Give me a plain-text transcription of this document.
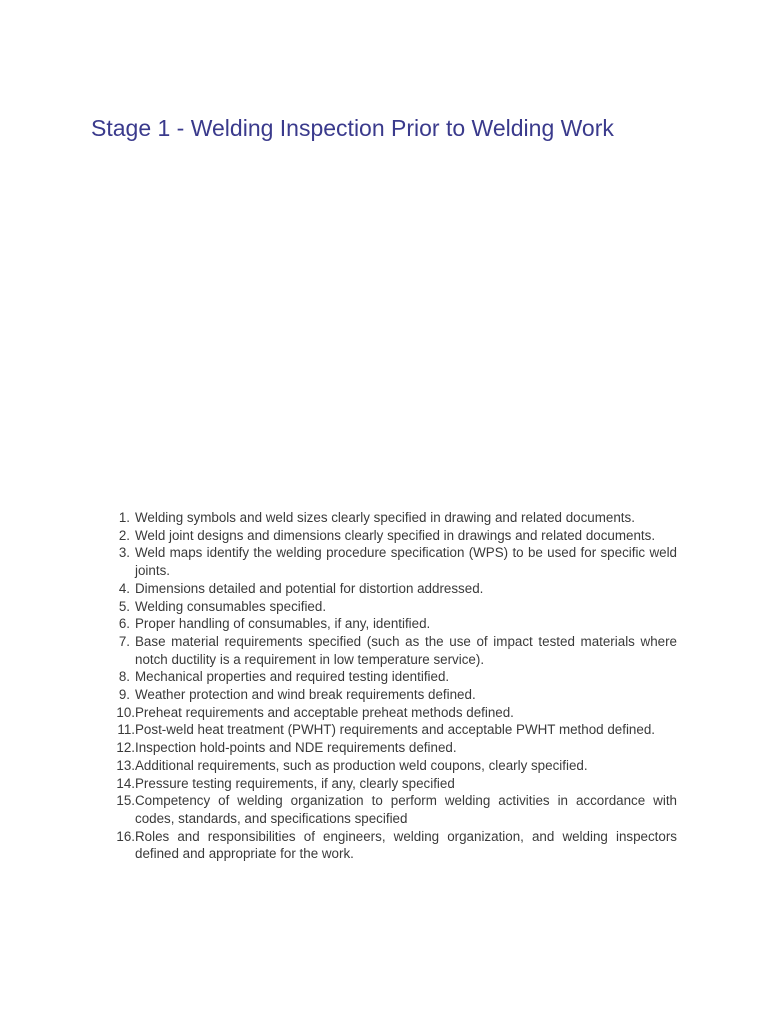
Stage 1 - Welding Inspection Prior to Welding Work
1. Welding symbols and weld sizes clearly specified in drawing and related documents.
2. Weld joint designs and dimensions clearly specified in drawings and related documents.
3. Weld maps identify the welding procedure specification (WPS) to be used for specific weld joints.
4. Dimensions detailed and potential for distortion addressed.
5. Welding consumables specified.
6. Proper handling of consumables, if any, identified.
7. Base material requirements specified (such as the use of impact tested materials where notch ductility is a requirement in low temperature service).
8. Mechanical properties and required testing identified.
9. Weather protection and wind break requirements defined.
10. Preheat requirements and acceptable preheat methods defined.
11. Post-weld heat treatment (PWHT) requirements and acceptable PWHT method defined.
12. Inspection hold-points and NDE requirements defined.
13. Additional requirements, such as production weld coupons, clearly specified.
14. Pressure testing requirements, if any, clearly specified
15. Competency of welding organization to perform welding activities in accordance with codes, standards, and specifications specified
16. Roles and responsibilities of engineers, welding organization, and welding inspectors defined and appropriate for the work.
